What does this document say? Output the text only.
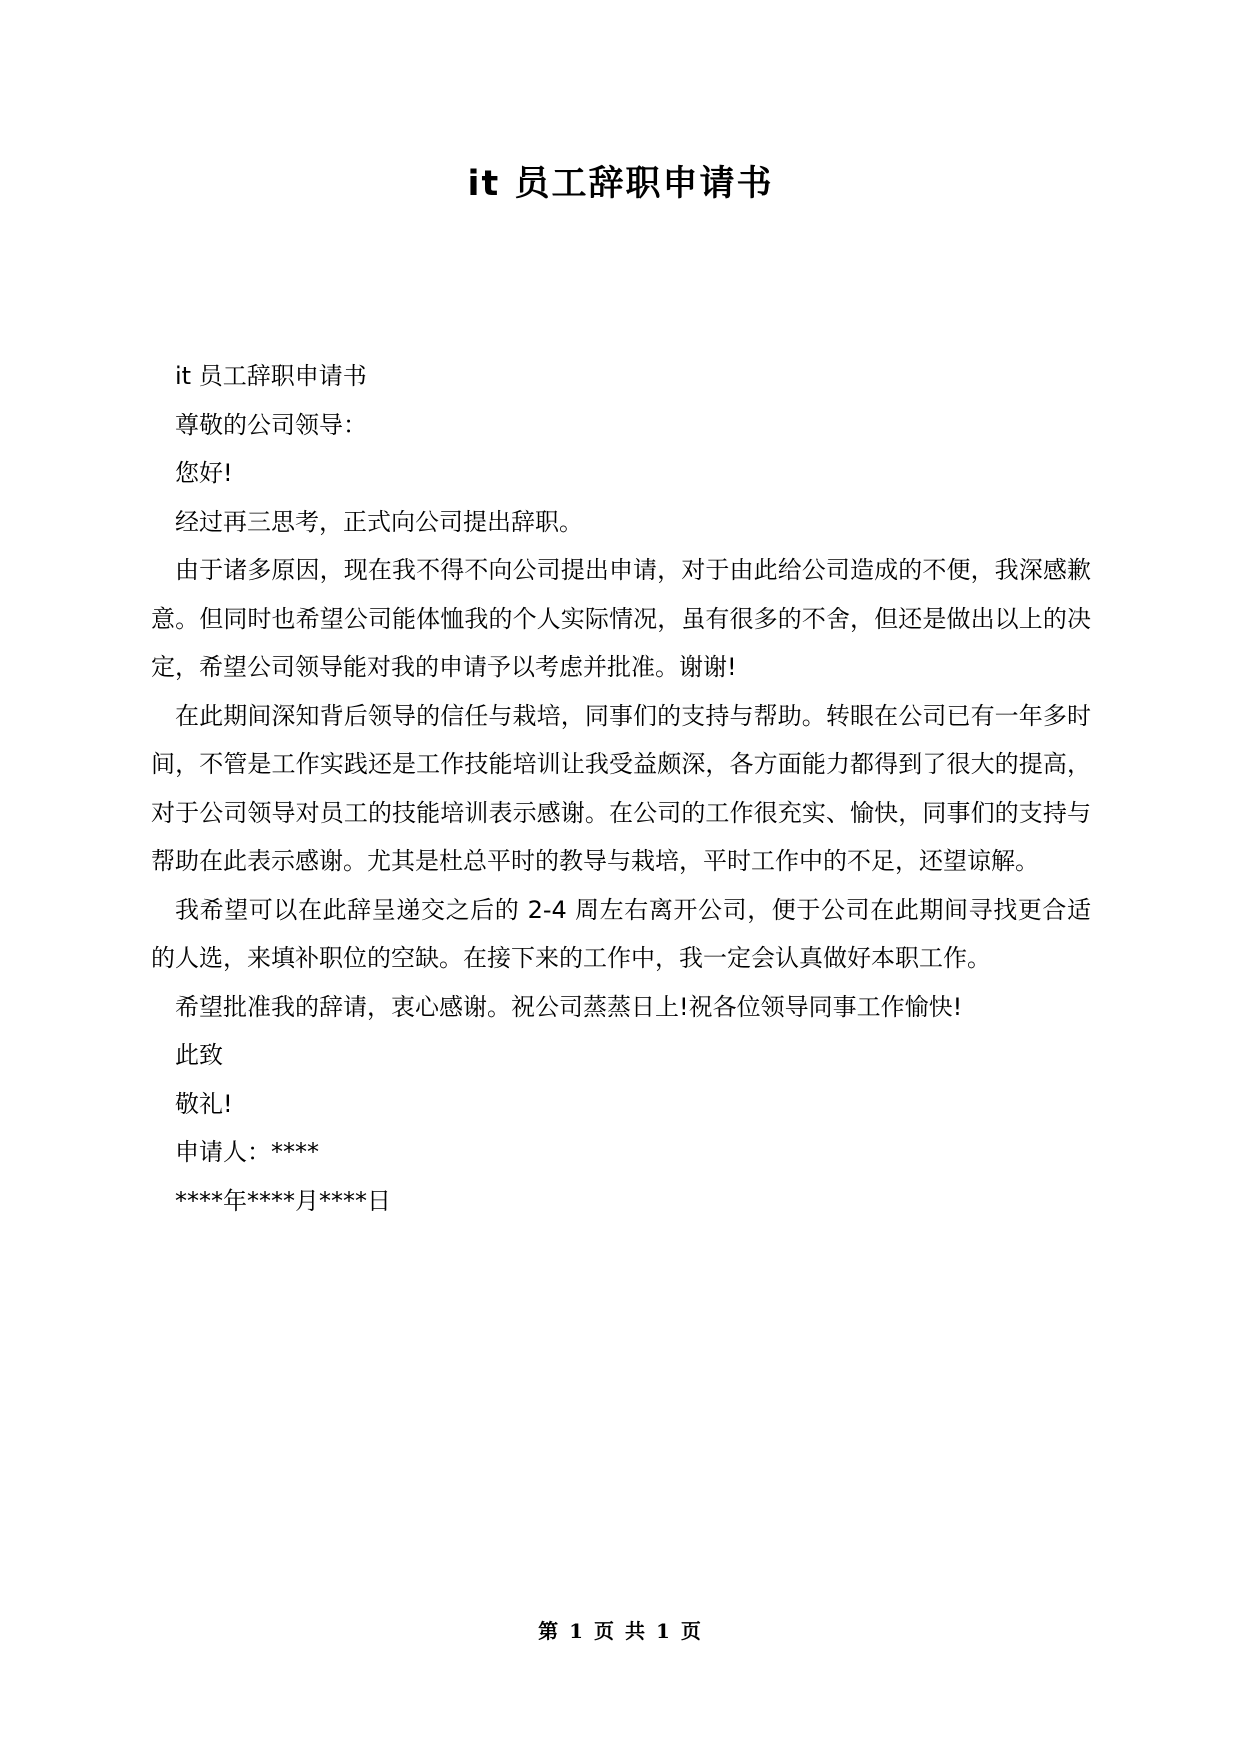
it 员工辞职申请书

it 员工辞职申请书

尊敬的公司领导：

您好!

经过再三思考，正式向公司提出辞职。

由于诸多原因，现在我不得不向公司提出申请，对于由此给公司造成的不便，我深感歉意。但同时也希望公司能体恤我的个人实际情况，虽有很多的不舍，但还是做出以上的决定，希望公司领导能对我的申请予以考虑并批准。谢谢!

在此期间深知背后领导的信任与栽培，同事们的支持与帮助。转眼在公司已有一年多时间，不管是工作实践还是工作技能培训让我受益颇深，各方面能力都得到了很大的提高，对于公司领导对员工的技能培训表示感谢。在公司的工作很充实、愉快，同事们的支持与帮助在此表示感谢。尤其是杜总平时的教导与栽培，平时工作中的不足，还望谅解。

我希望可以在此辞呈递交之后的 2-4 周左右离开公司，便于公司在此期间寻找更合适的人选，来填补职位的空缺。在接下来的工作中，我一定会认真做好本职工作。

希望批准我的辞请，衷心感谢。祝公司蒸蒸日上!祝各位领导同事工作愉快!

此致

敬礼!

申请人：****

****年****月****日

第 1 页 共 1 页
